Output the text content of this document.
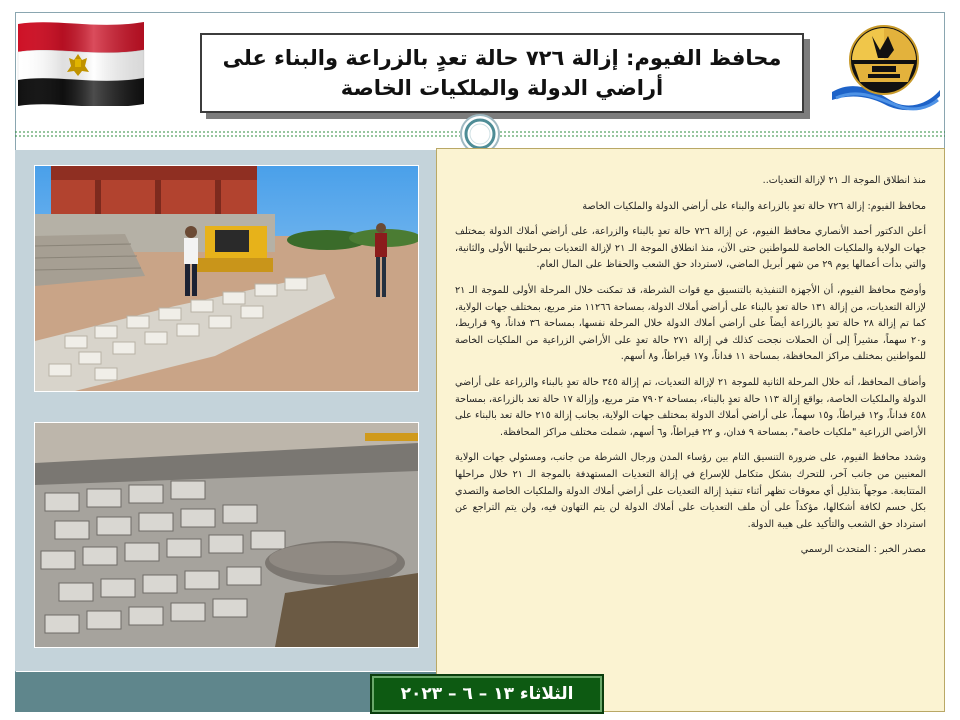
محافظ الفيوم: إزالة ٧٢٦ حالة تعدٍ بالزراعة والبناء على أراضي الدولة والملكيات الخاصة

منذ انطلاق الموجة الـ ٢١ لإزالة التعديات..

محافظ الفيوم: إزالة ٧٢٦ حالة تعدٍ بالزراعة والبناء على أراضي الدولة والملكيات الخاصة

أعلن الدكتور أحمد الأنصاري محافظ الفيوم، عن إزالة ٧٢٦ حالة تعدٍ بالبناء والزراعة، على أراضي أملاك الدولة بمختلف جهات الولاية والملكيات الخاصة للمواطنين حتى الآن، منذ انطلاق الموجة الـ ٢١ لإزالة التعديات بمرحلتيها الأولى والثانية، والتي بدأت أعمالها يوم ٢٩ من شهر أبريل الماضي، لاسترداد حق الشعب والحفاظ على المال العام.

وأوضح محافظ الفيوم، أن الأجهزة التنفيذية بالتنسيق مع قوات الشرطة، قد تمكنت خلال المرحلة الأولى للموجة الـ ٢١ لإزالة التعديات، من إزالة ١٣١ حالة تعدٍ بالبناء على أراضي أملاك الدولة، بمساحة ١١٢٦٦ متر مربع، بمختلف جهات الولاية، كما تم إزالة ٢٨ حالة تعدٍ بالزراعة أيضاً على أراضي أملاك الدولة خلال المرحلة نفسها، بمساحة ٣٦ فداناً، و٩ قراريط، و٢٠ سهماً، مشيراً إلى أن الحملات نجحت كذلك في إزالة ٢٧١ حالة تعدٍ على الأراضي الزراعية من الملكيات الخاصة للمواطنين بمختلف مراكز المحافظة، بمساحة ١١ فداناً، و١٧ قيراطاً، و٨ أسهم.

وأضاف المحافظ، أنه خلال المرحلة الثانية للموجة ٢١ لإزالة التعديات، تم إزالة ٣٤٥ حالة تعدٍ بالبناء والزراعة على أراضي الدولة والملكيات الخاصة، بواقع إزالة ١١٣ حالة تعدٍ بالبناء، بمساحة ٧٩٠٢ متر مربع، وإزالة ١٧ حالة تعد بالزراعة، بمساحة ٤٥٨ فداناً، و١٢ قيراطاً، و١٥ سهماً، على أراضي أملاك الدولة بمختلف جهات الولاية، بجانب إزالة ٢١٥ حالة تعد بالبناء على الأراضي الزراعية "ملكيات خاصة"، بمساحة ٩ فدان، و ٢٢ قيراطاً، و٦ أسهم، شملت مختلف مراكز المحافظة.

وشدد محافظ الفيوم، على ضرورة التنسيق التام بين رؤساء المدن ورجال الشرطة من جانب، ومسئولي جهات الولاية المعنيين من جانب آخر، للتحرك بشكل متكامل للإسراع في إزالة التعديات المستهدفة بالموجة الـ ٢١ خلال مراحلها المتتابعة. موجهاً بتذليل أي معوقات تظهر أثناء تنفيذ إزالة التعديات على أراضي أملاك الدولة والملكيات الخاصة والتصدي بكل حسم لكافة أشكالها، مؤكداً على أن ملف التعديات على أملاك الدولة لن يتم التهاون فيه، ولن يتم التراجع عن استرداد حق الشعب والتأكيد على هيبة الدولة.

مصدر الخبر : المتحدث الرسمي

الثلاثاء ١٣ – ٦ – ٢٠٢٣
